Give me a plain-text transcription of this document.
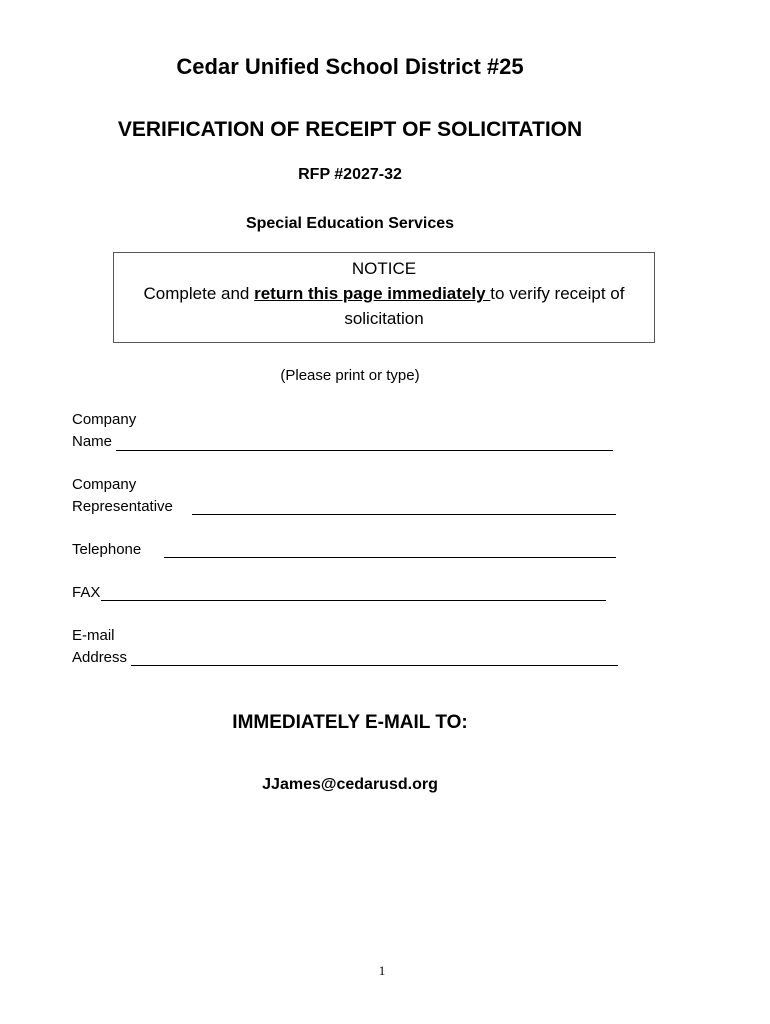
Cedar Unified School District #25
VERIFICATION OF RECEIPT OF SOLICITATION
RFP #2027-32
Special Education Services
NOTICE
Complete and return this page immediately to verify receipt of solicitation
(Please print or type)
Company
Name
Company
Representative
Telephone
FAX
E-mail
Address
IMMEDIATELY E-MAIL TO:
JJames@cedarusd.org
1
